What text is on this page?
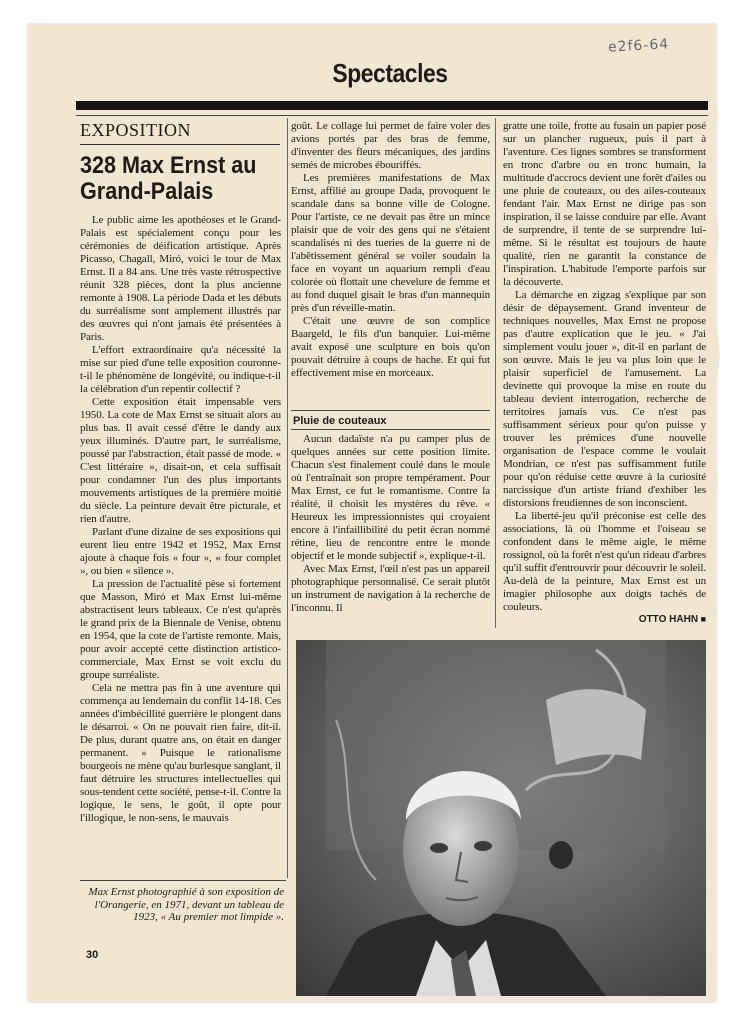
e2f6-64
Spectacles
EXPOSITION
328 Max Ernst au Grand-Palais

Le public aime les apothéoses et le Grand-Palais est spécialement conçu pour les cérémonies de déification artistique. Après Picasso, Chagall, Miró, voici le tour de Max Ernst. Il a 84 ans. Une très vaste rétrospective réunit 328 pièces, dont la plus ancienne remonte à 1908. La période Dada et les débuts du surréalisme sont amplement illustrés par des œuvres qui n'ont jamais été présentées à Paris.

L'effort extraordinaire qu'a nécessité la mise sur pied d'une telle exposition couronne-t-il le phénomène de longévité, ou indique-t-il la célébration d'un repentir collectif ?

Cette exposition était impensable vers 1950. La cote de Max Ernst se situait alors au plus bas. Il avait cessé d'être le dandy aux yeux illuminés. D'autre part, le surréalisme, poussé par l'abstraction, était passé de mode. « C'est littéraire », disait-on, et cela suffisait pour condamner l'un des plus importants mouvements artistiques de la première moitié du siècle. La peinture devait être picturale, et rien d'autre.

Parlant d'une dizaine de ses expositions qui eurent lieu entre 1942 et 1952, Max Ernst ajoute à chaque fois « four », « four complet », ou bien « silence ».

La pression de l'actualité pèse si fortement que Masson, Miró et Max Ernst lui-même abstractisent leurs tableaux. Ce n'est qu'après le grand prix de la Biennale de Venise, obtenu en 1954, que la cote de l'artiste remonte. Mais, pour avoir accepté cette distinction artistico-commerciale, Max Ernst se voit exclu du groupe surréaliste.

Cela ne mettra pas fin à une aventure qui commença au lendemain du conflit 14-18. Ces années d'imbécillité guerrière le plongent dans le désarroi. « On ne pouvait rien faire, dit-il. De plus, durant quatre ans, on était en danger permanent. » Puisque le rationalisme bourgeois ne mène qu'au burlesque sanglant, il faut détruire les structures intellectuelles qui sous-tendent cette société, pense-t-il. Contre la logique, le sens, le goût, il opte pour l'illogique, le non-sens, le mauvais

goût. Le collage lui permet de faire voler des avions portés par des bras de femme, d'inventer des fleurs mécaniques, des jardins semés de microbes ébouriffés.

Les premières manifestations de Max Ernst, affilié au groupe Dada, provoquent le scandale dans sa bonne ville de Cologne. Pour l'artiste, ce ne devait pas être un mince plaisir que de voir des gens qui ne s'étaient scandalisés ni des tueries de la guerre ni de l'abêtissement général se voiler soudain la face en voyant un aquarium rempli d'eau colorée où flottait une chevelure de femme et au fond duquel gisait le bras d'un mannequin près d'un réveille-matin.

C'était une œuvre de son complice Baargeld, le fils d'un banquier. Lui-même avait exposé une sculpture en bois qu'on pouvait détruire à coups de hache. Et qui fut effectivement mise en morceaux.

Pluie de couteaux

Aucun dadaïste n'a pu camper plus de quelques années sur cette position limite. Chacun s'est finalement coulé dans le moule où l'entraînait son propre tempérament. Pour Max Ernst, ce fut le romantisme. Contre la réalité, il choisit les mystères du rêve. « Heureux les impressionnistes qui croyaient encore à l'infaillibilité du petit écran nommé rétine, lieu de rencontre entre le monde objectif et le monde subjectif », explique-t-il.

Avec Max Ernst, l'œil n'est pas un appareil photographique personnalisé. Ce serait plutôt un instrument de navigation à la recherche de l'inconnu. Il

gratte une toile, frotte au fusain un papier posé sur un plancher rugueux, puis il part à l'aventure. Ces lignes sombres se transforment en tronc d'arbre ou en tronc humain, la multitude d'accrocs devient une forêt d'ailes ou une pluie de couteaux, ou des ailes-couteaux fendant l'air. Max Ernst ne dirige pas son inspiration, il se laisse conduire par elle. Avant de surprendre, il tente de se surprendre lui-même. Si le résultat est toujours de haute qualité, rien ne garantit la constance de l'inspiration. L'habitude l'emporte parfois sur la découverte.

La démarche en zigzag s'explique par son désir de dépaysement. Grand inventeur de techniques nouvelles, Max Ernst ne propose pas d'autre explication que le jeu. « J'ai simplement voulu jouer », dit-il en parlant de son œuvre. Mais le jeu va plus loin que le plaisir superficiel de l'amusement. La devinette qui provoque la mise en route du tableau devient interrogation, recherche de territoires jamais vus. Ce n'est pas suffisamment sérieux pour qu'on puisse y trouver les prémices d'une nouvelle organisation de l'espace comme le voulait Mondrian, ce n'est pas suffisamment futile pour qu'on réduise cette œuvre à la curiosité narcissique d'un artiste friand d'exhiber les distorsions freudiennes de son inconscient.

La liberté-jeu qu'il préconise est celle des associations, là où l'homme et l'oiseau se confondent dans le même aigle, le même rossignol, où la forêt n'est qu'un rideau d'arbres qu'il suffit d'entrouvrir pour découvrir le soleil. Au-delà de la peinture, Max Ernst est un imagier philosophe aux doigts tachés de couleurs.

OTTO HAHN ■
Max Ernst photographié à son exposition de l'Orangerie, en 1971, devant un tableau de 1923, « Au premier mot limpide ».
30
